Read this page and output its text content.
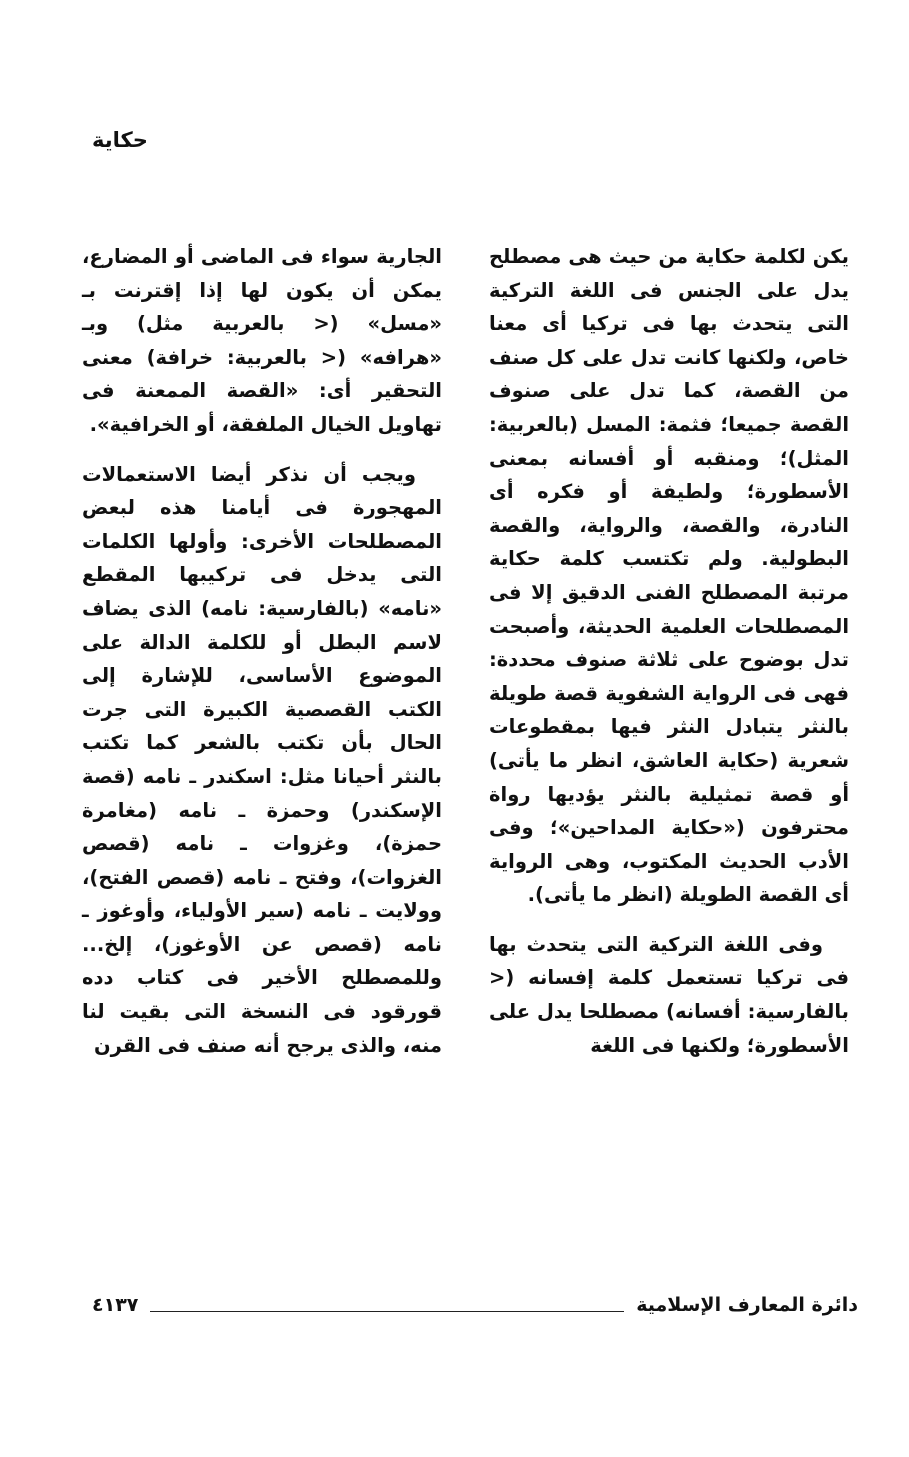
حكاية

يكن لكلمة حكاية من حيث هى مصطلح يدل على الجنس فى اللغة التركية التى يتحدث بها فى تركيا أى معنا خاص، ولكنها كانت تدل على كل صنف من القصة، كما تدل على صنوف القصة جميعا؛ فثمة: المسل (بالعربية: المثل)؛ ومنقبه أو أفسانه بمعنى الأسطورة؛ ولطيفة أو فكره أى النادرة، والقصة، والرواية، والقصة البطولية. ولم تكتسب كلمة حكاية مرتبة المصطلح الفنى الدقيق إلا فى المصطلحات العلمية الحديثة، وأصبحت تدل بوضوح على ثلاثة صنوف محددة: فهى فى الرواية الشفوية قصة طويلة بالنثر يتبادل النثر فيها بمقطوعات شعرية (حكاية العاشق، انظر ما يأتى) أو قصة تمثيلية بالنثر يؤديها رواة محترفون («حكاية المداحين»؛ وفى الأدب الحديث المكتوب، وهى الرواية أى القصة الطويلة (انظر ما يأتى).

وفى اللغة التركية التى يتحدث بها فى تركيا تستعمل كلمة إفسانه (< بالفارسية: أفسانه) مصطلحا يدل على الأسطورة؛ ولكنها فى اللغة

الجارية سواء فى الماضى أو المضارع، يمكن أن يكون لها إذا إقترنت بـ «مسل» (< بالعربية مثل) وبـ «هرافه» (< بالعربية: خرافة) معنى التحقير أى: «القصة الممعنة فى تهاويل الخيال الملفقة، أو الخرافية».

ويجب أن نذكر أيضا الاستعمالات المهجورة فى أيامنا هذه لبعض المصطلحات الأخرى: وأولها الكلمات التى يدخل فى تركيبها المقطع «نامه» (بالفارسية: نامه) الذى يضاف لاسم البطل أو للكلمة الدالة على الموضوع الأساسى، للإشارة إلى الكتب القصصية الكبيرة التى جرت الحال بأن تكتب بالشعر كما تكتب بالنثر أحيانا مثل: اسكندر ـ نامه (قصة الإسكندر) وحمزة ـ نامه (مغامرة حمزة)، وغزوات ـ نامه (قصص الغزوات)، وفتح ـ نامه (قصص الفتح)، وولايت ـ نامه (سير الأولياء، وأوغوز ـ نامه (قصص عن الأوغوز)، إلخ... وللمصطلح الأخير فى كتاب دده قورقود فى النسخة التى بقيت لنا منه، والذى يرجح أنه صنف فى القرن

دائرة المعارف الإسلامية
٤١٣٧
